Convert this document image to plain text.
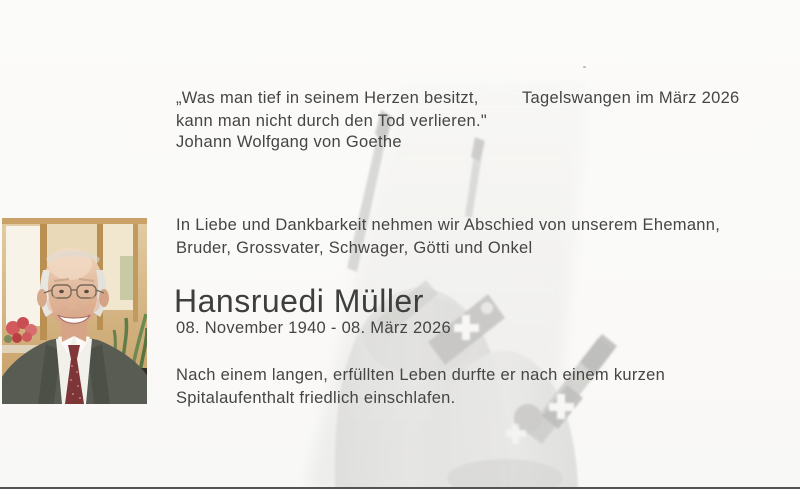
„Was man tief in seinem Herzen besitzt,
kann man nicht durch den Tod verlieren."
Johann Wolfgang von Goethe
Tagelswangen im März 2026
In Liebe und Dankbarkeit nehmen wir Abschied von unserem Ehemann,
Bruder, Grossvater, Schwager, Götti und Onkel
Hansruedi Müller
08. November 1940 - 08. März 2026
Nach einem langen, erfüllten Leben durfte er nach einem kurzen
Spitalaufenthalt friedlich einschlafen.
